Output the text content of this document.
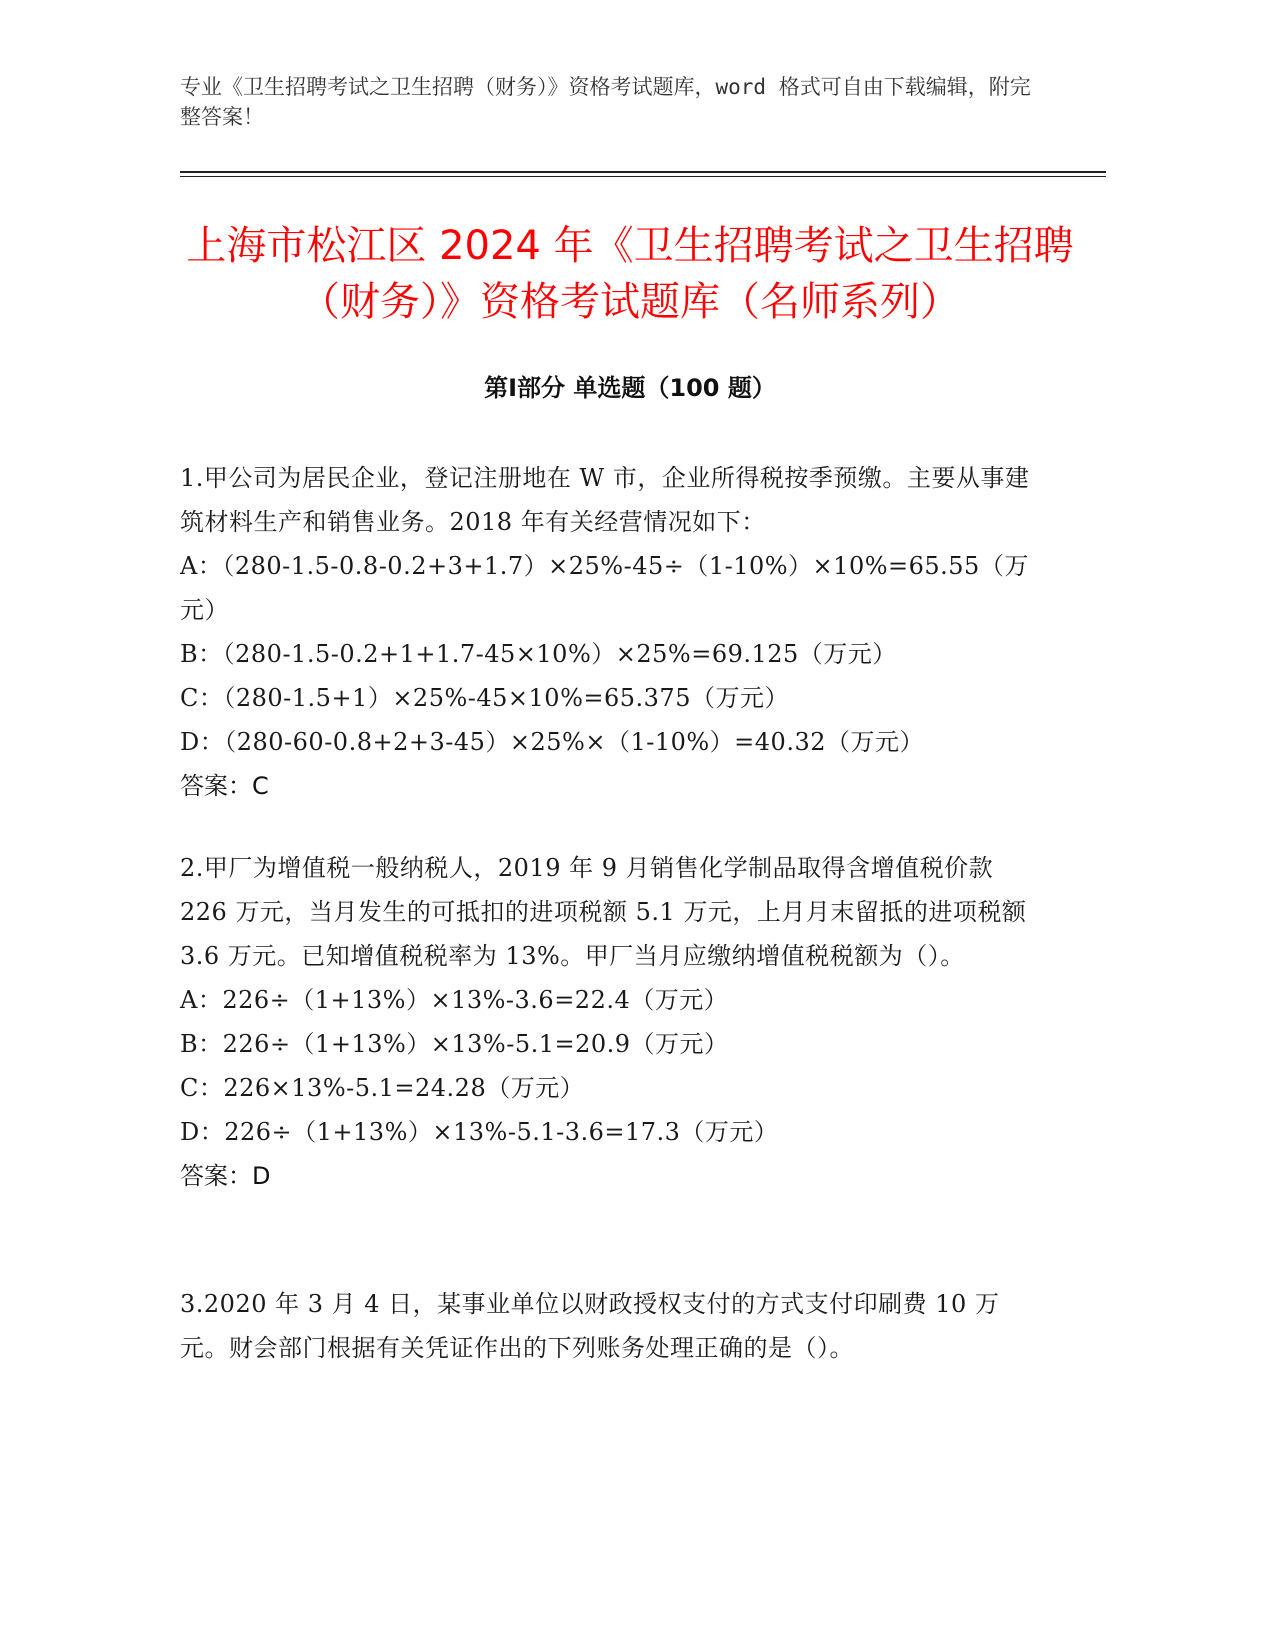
专业《卫生招聘考试之卫生招聘（财务）》资格考试题库，word 格式可自由下载编辑，附完整答案！
上海市松江区 2024 年《卫生招聘考试之卫生招聘（财务）》资格考试题库（名师系列）
第Ⅰ部分 单选题（100 题）

1.甲公司为居民企业，登记注册地在 W 市，企业所得税按季预缴。主要从事建筑材料生产和销售业务。2018 年有关经营情况如下：

A：（280-1.5-0.8-0.2+3+1.7）×25%-45÷（1-10%）×10%=65.55（万元）

B：（280-1.5-0.2+1+1.7-45×10%）×25%=69.125（万元）

C：（280-1.5+1）×25%-45×10%=65.375（万元）

D：（280-60-0.8+2+3-45）×25%×（1-10%）=40.32（万元）

答案：C

2.甲厂为增值税一般纳税人，2019 年 9 月销售化学制品取得含增值税价款 226 万元，当月发生的可抵扣的进项税额 5.1 万元，上月月末留抵的进项税额 3.6 万元。已知增值税税率为 13%。甲厂当月应缴纳增值税税额为（）。

A：226÷（1+13%）×13%-3.6=22.4（万元）

B：226÷（1+13%）×13%-5.1=20.9（万元）

C：226×13%-5.1=24.28（万元）

D：226÷（1+13%）×13%-5.1-3.6=17.3（万元）

答案：D

3.2020 年 3 月 4 日，某事业单位以财政授权支付的方式支付印刷费 10 万元。财会部门根据有关凭证作出的下列账务处理正确的是（）。
